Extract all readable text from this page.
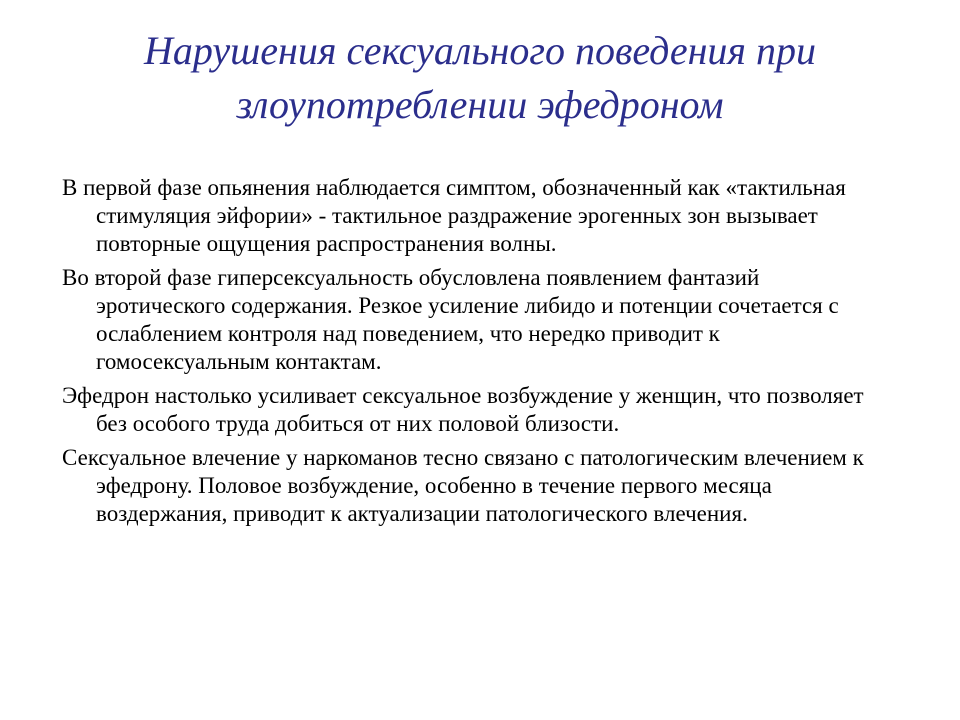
Нарушения сексуального поведения при злоупотреблении эфедроном
В первой фазе опьянения наблюдается симптом, обозначенный как «тактильная стимуляция эйфории» - тактильное раздражение эрогенных зон вызывает повторные ощущения распространения волны.
Во второй фазе гиперсексуальность обусловлена появлением фантазий эротического содержания. Резкое усиление либидо и потенции сочетается с ослаблением контроля над поведением, что нередко приводит к гомосексуальным контактам.
Эфедрон настолько усиливает сексуальное возбуждение у женщин, что позволяет без особого труда добиться от них половой близости.
Сексуальное влечение у наркоманов тесно связано с патологическим влечением к эфедрону. Половое возбуждение, особенно в течение первого месяца воздержания, приводит к актуализации патологического влечения.
